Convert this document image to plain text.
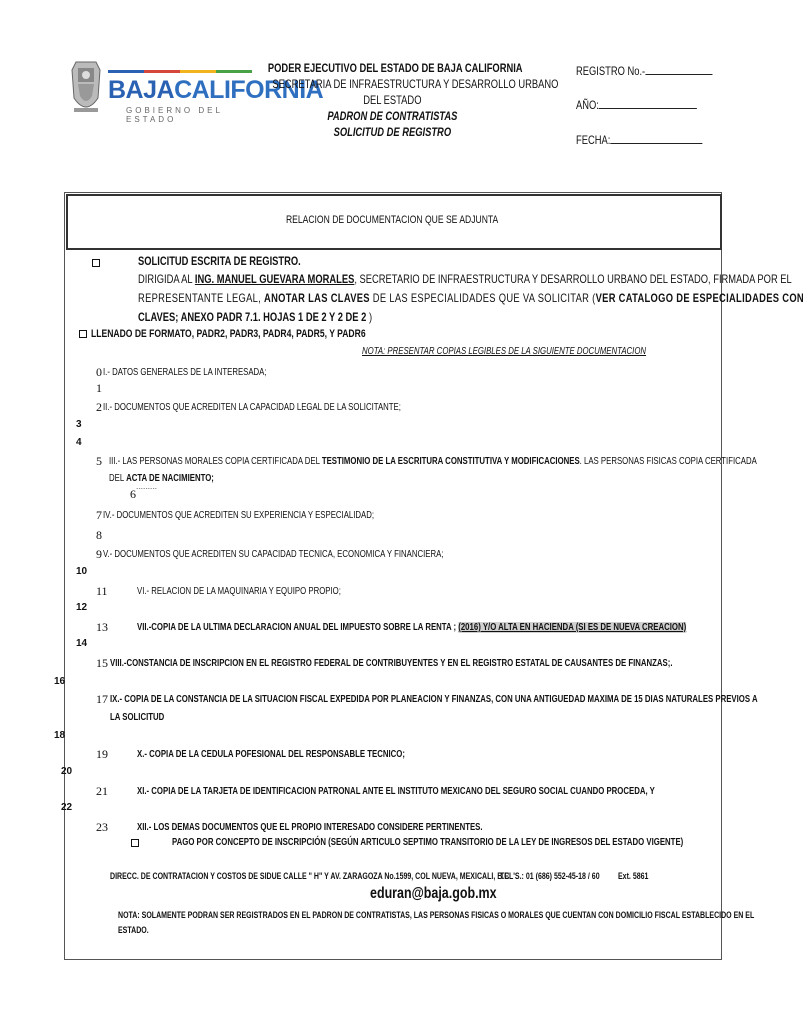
BAJACALIFORNIA
GOBIERNO DEL ESTADO
PODER EJECUTIVO DEL ESTADO DE BAJA CALIFORNIA
SECRETARIA DE INFRAESTRUCTURA Y DESARROLLO URBANO
DEL ESTADO
PADRON DE CONTRATISTAS
SOLICITUD DE REGISTRO
REGISTRO No.-
AÑO:
FECHA:
RELACION DE DOCUMENTACION QUE SE ADJUNTA
SOLICITUD ESCRITA DE REGISTRO.
DIRIGIDA AL ING. MANUEL GUEVARA MORALES, SECRETARIO DE INFRAESTRUCTURA Y DESARROLLO URBANO DEL ESTADO, FIRMADA POR EL
REPRESENTANTE LEGAL, ANOTAR LAS CLAVES DE LAS ESPECIALIDADES QUE VA SOLICITAR (VER CATALOGO DE ESPECIALIDADES CON
CLAVES; ANEXO PADR 7.1. HOJAS 1 DE 2 Y 2 DE 2 )
LLENADO DE FORMATO, PADR2, PADR3, PADR4, PADR5, Y PADR6
NOTA: PRESENTAR COPIAS LEGIBLES DE LA SIGUIENTE DOCUMENTACION
0 I.- DATOS GENERALES DE LA INTERESADA;
1
2 II.- DOCUMENTOS QUE ACREDITEN LA CAPACIDAD LEGAL DE LA SOLICITANTE;
3
4
5 III.- LAS PERSONAS MORALES COPIA CERTIFICADA DEL TESTIMONIO DE LA ESCRITURA CONSTITUTIVA Y MODIFICACIONES. LAS PERSONAS FISICAS COPIA CERTIFICADA
DEL ACTA DE NACIMIENTO;
6´´´´´´´´´
7 IV.- DOCUMENTOS QUE ACREDITEN SU EXPERIENCIA Y ESPECIALIDAD;
8
9 V.- DOCUMENTOS QUE ACREDITEN SU CAPACIDAD TECNICA, ECONOMICA Y FINANCIERA;
10
11	VI.- RELACION DE LA MAQUINARIA Y EQUIPO PROPIO;
12
13	VII.-COPIA DE LA ULTIMA DECLARACION ANUAL DEL IMPUESTO SOBRE LA RENTA ; (2016) Y/O ALTA EN HACIENDA (SI ES DE NUEVA CREACION)
14
15 VIII.-CONSTANCIA DE INSCRIPCION EN EL REGISTRO FEDERAL DE CONTRIBUYENTES Y EN EL REGISTRO ESTATAL DE CAUSANTES DE FINANZAS;.
16
17 IX.- COPIA DE LA CONSTANCIA DE LA SITUACION FISCAL EXPEDIDA POR PLANEACION Y FINANZAS, CON UNA ANTIGUEDAD MAXIMA DE 15 DIAS NATURALES PREVIOS A
LA SOLICITUD
18
19	X.- COPIA DE LA CEDULA POFESIONAL DEL RESPONSABLE TECNICO;
20
21	XI.- COPIA DE LA TARJETA DE IDENTIFICACION PATRONAL ANTE EL INSTITUTO MEXICANO DEL SEGURO SOCIAL CUANDO PROCEDA, Y
22
23	XII.- LOS DEMAS DOCUMENTOS QUE EL PROPIO INTERESADO CONSIDERE PERTINENTES.
PAGO POR CONCEPTO DE INSCRIPCIÓN (SEGÚN ARTICULO SEPTIMO TRANSITORIO DE LA LEY DE INGRESOS DEL ESTADO VIGENTE)
DIRECC. DE CONTRATACION Y COSTOS DE SIDUE CALLE " H" Y AV. ZARAGOZA No.1599, COL NUEVA, MEXICALI, B.C
TEL'S.: 01 (686) 552-45-18 / 60 Ext. 5861
eduran@baja.gob.mx
NOTA: SOLAMENTE PODRAN SER REGISTRADOS EN EL PADRON DE CONTRATISTAS, LAS PERSONAS FISICAS O MORALES QUE CUENTAN CON DOMICILIO FISCAL ESTABLECIDO EN EL
ESTADO.
